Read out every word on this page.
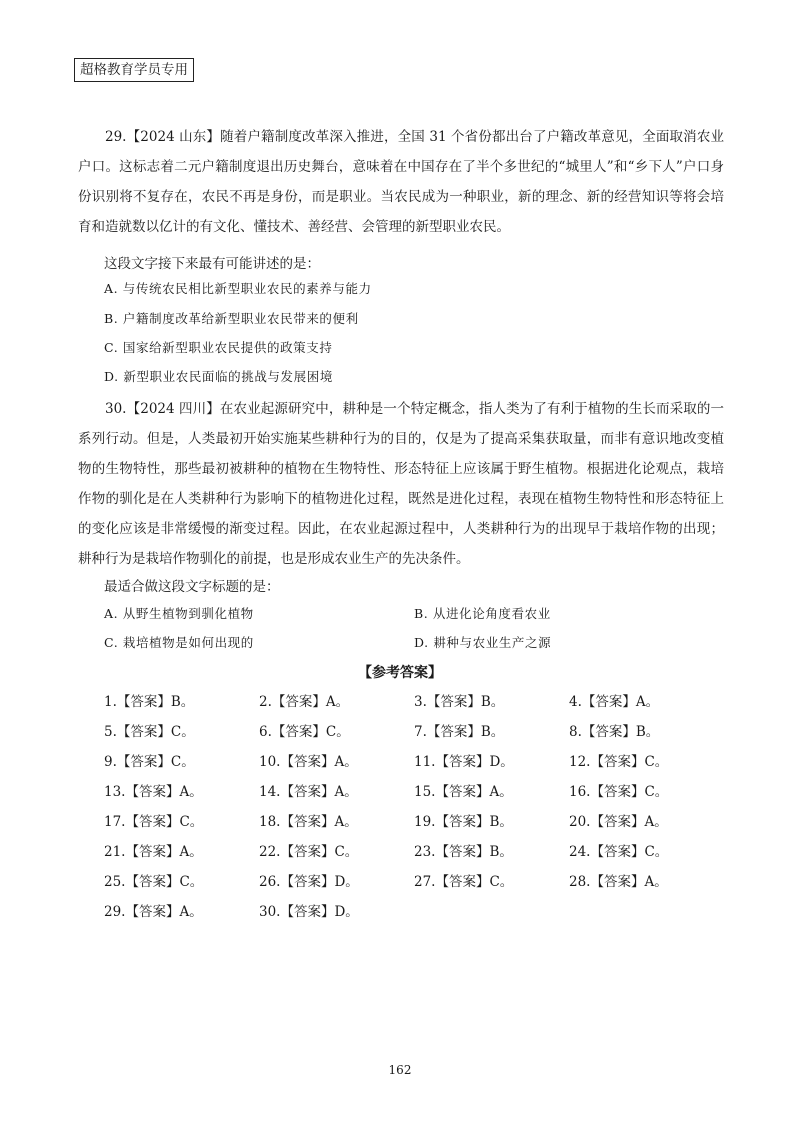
超格教育学员专用

29.【2024 山东】随着户籍制度改革深入推进，全国 31 个省份都出台了户籍改革意见，全面取消农业户口。这标志着二元户籍制度退出历史舞台，意味着在中国存在了半个多世纪的“城里人”和“乡下人”户口身份识别将不复存在，农民不再是身份，而是职业。当农民成为一种职业，新的理念、新的经营知识等将会培育和造就数以亿计的有文化、懂技术、善经营、会管理的新型职业农民。

这段文字接下来最有可能讲述的是：
A. 与传统农民相比新型职业农民的素养与能力
B. 户籍制度改革给新型职业农民带来的便利
C. 国家给新型职业农民提供的政策支持
D. 新型职业农民面临的挑战与发展困境

30.【2024 四川】在农业起源研究中，耕种是一个特定概念，指人类为了有利于植物的生长而采取的一系列行动。但是，人类最初开始实施某些耕种行为的目的，仅是为了提高采集获取量，而非有意识地改变植物的生物特性，那些最初被耕种的植物在生物特性、形态特征上应该属于野生植物。根据进化论观点，栽培作物的驯化是在人类耕种行为影响下的植物进化过程，既然是进化过程，表现在植物生物特性和形态特征上的变化应该是非常缓慢的渐变过程。因此，在农业起源过程中，人类耕种行为的出现早于栽培作物的出现；耕种行为是栽培作物驯化的前提，也是形成农业生产的先决条件。

最适合做这段文字标题的是：
A. 从野生植物到驯化植物	B. 从进化论角度看农业
C. 栽培植物是如何出现的	D. 耕种与农业生产之源
【参考答案】
1.【答案】B。	2.【答案】A。	3.【答案】B。	4.【答案】A。
5.【答案】C。	6.【答案】C。	7.【答案】B。	8.【答案】B。
9.【答案】C。	10.【答案】A。	11.【答案】D。	12.【答案】C。
13.【答案】A。	14.【答案】A。	15.【答案】A。	16.【答案】C。
17.【答案】C。	18.【答案】A。	19.【答案】B。	20.【答案】A。
21.【答案】A。	22.【答案】C。	23.【答案】B。	24.【答案】C。
25.【答案】C。	26.【答案】D。	27.【答案】C。	28.【答案】A。
29.【答案】A。	30.【答案】D。
162
